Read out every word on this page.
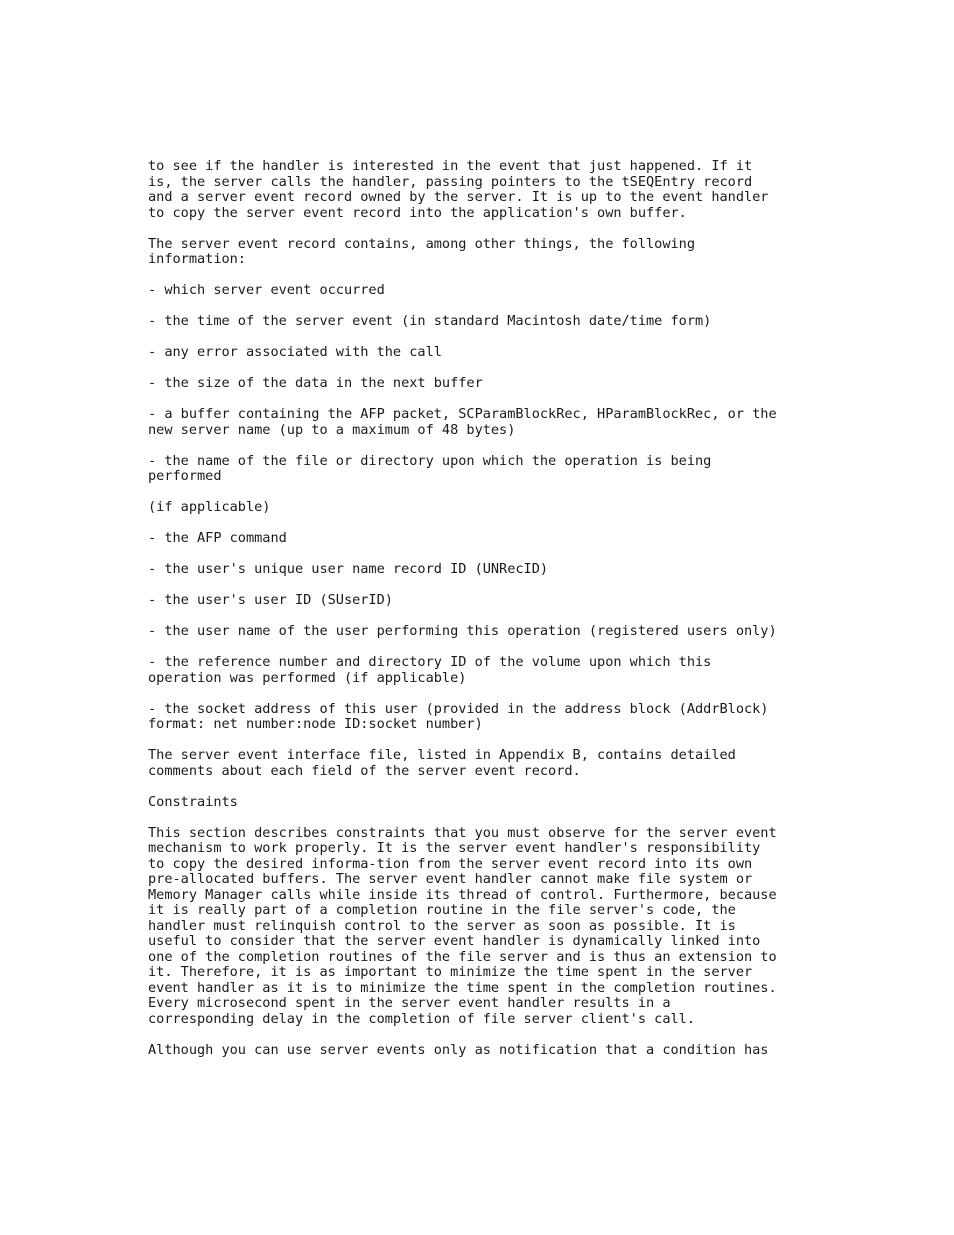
to see if the handler is interested in the event that just happened. If it
is, the server calls the handler, passing pointers to the tSEQEntry record
and a server event record owned by the server. It is up to the event handler
to copy the server event record into the application's own buffer.

The server event record contains, among other things, the following
information:

- which server event occurred

- the time of the server event (in standard Macintosh date/time form)

- any error associated with the call

- the size of the data in the next buffer

- a buffer containing the AFP packet, SCParamBlockRec, HParamBlockRec, or the
new server name (up to a maximum of 48 bytes)

- the name of the file or directory upon which the operation is being
performed

(if applicable)

- the AFP command

- the user's unique user name record ID (UNRecID)

- the user's user ID (SUserID)

- the user name of the user performing this operation (registered users only)

- the reference number and directory ID of the volume upon which this
operation was performed (if applicable)

- the socket address of this user (provided in the address block (AddrBlock)
format: net number:node ID:socket number)

The server event interface file, listed in Appendix B, contains detailed
comments about each field of the server event record.

Constraints

This section describes constraints that you must observe for the server event
mechanism to work properly. It is the server event handler's responsibility
to copy the desired informa-tion from the server event record into its own
pre-allocated buffers. The server event handler cannot make file system or
Memory Manager calls while inside its thread of control. Furthermore, because
it is really part of a completion routine in the file server's code, the
handler must relinquish control to the server as soon as possible. It is
useful to consider that the server event handler is dynamically linked into
one of the completion routines of the file server and is thus an extension to
it. Therefore, it is as important to minimize the time spent in the server
event handler as it is to minimize the time spent in the completion routines.
Every microsecond spent in the server event handler results in a
corresponding delay in the completion of file server client's call.

Although you can use server events only as notification that a condition has
